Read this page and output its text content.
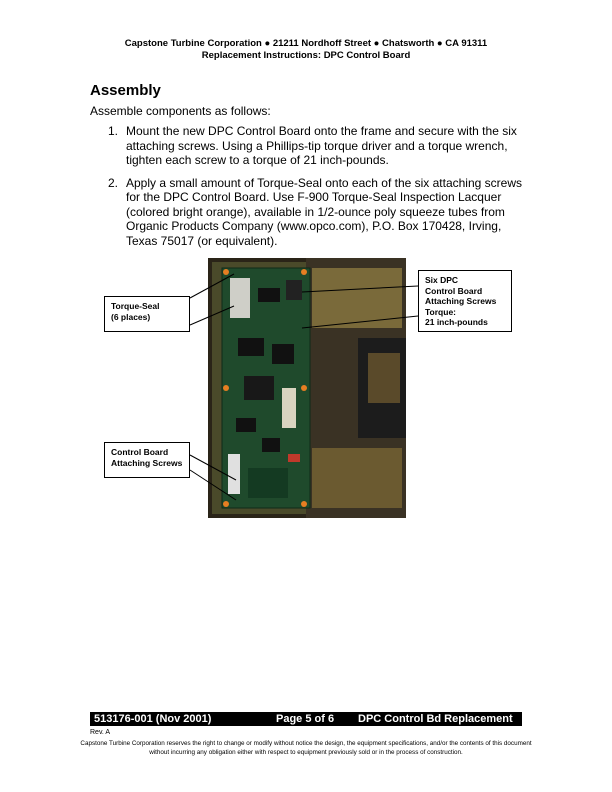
Capstone Turbine Corporation ● 21211 Nordhoff Street ● Chatsworth ● CA 91311
Replacement Instructions: DPC Control Board
Assembly
Assemble components as follows:
1. Mount the new DPC Control Board onto the frame and secure with the six attaching screws. Using a Phillips-tip torque driver and a torque wrench, tighten each screw to a torque of 21 inch-pounds.
2. Apply a small amount of Torque-Seal onto each of the six attaching screws for the DPC Control Board. Use F-900 Torque-Seal Inspection Lacquer (colored bright orange), available in 1/2-ounce poly squeeze tubes from Organic Products Company (www.opco.com), P.O. Box 170428, Irving, Texas 75017 (or equivalent).
Torque-Seal
(6 places)
Six DPC
Control Board
Attaching Screws
Torque:
21 inch-pounds
Control Board
Attaching Screws
513176-001 (Nov 2001)	Page 5 of 6 DPC Control Bd Replacement
Rev. A
Capstone Turbine Corporation reserves the right to change or modify without notice the design, the equipment specifications, and/or the contents of this document without incurring any obligation either with respect to equipment previously sold or in the process of construction.
